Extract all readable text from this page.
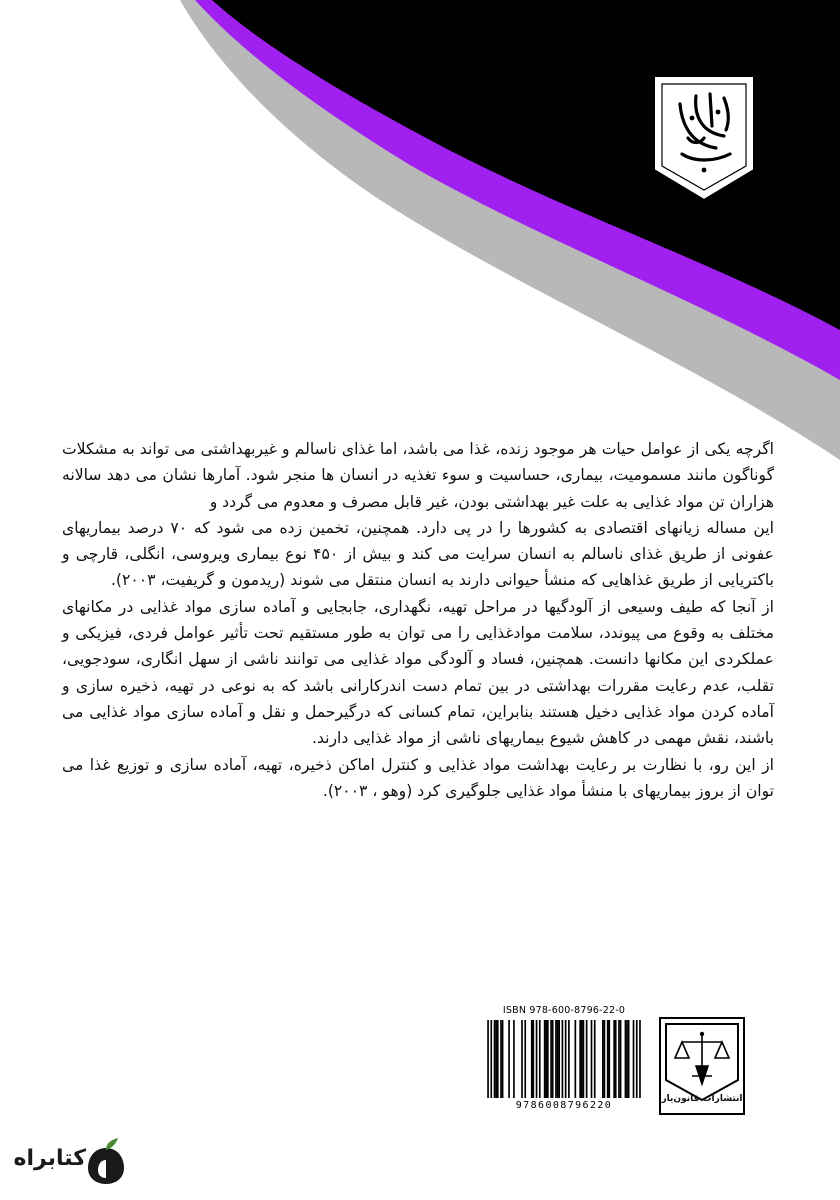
اگرچه یکی از عوامل حیات هر موجود زنده، غذا می باشد، اما غذای ناسالم و غیربهداشتی می تواند به مشکلات گوناگون مانند مسمومیت، بیماری، حساسیت و سوء تغذیه در انسان ها منجر شود. آمارها نشان می دهد سالانه هزاران تن مواد غذایی به علت غیر بهداشتی بودن، غیر قابل مصرف و معدوم می گردد و

این مساله زیانهای اقتصادی به کشورها را در پی دارد. همچنین، تخمین زده می شود که ۷۰ درصد بیماریهای عفونی از طریق غذای ناسالم به انسان سرایت می کند و بیش از ۴۵۰ نوع بیماری ویروسی، انگلی، قارچی و باکتریایی از طریق غذاهایی که منشأ حیوانی دارند به انسان منتقل می شوند (ریدمون و گریفیت، ۲۰۰۳).

از آنجا که طیف وسیعی از آلودگیها در مراحل تهیه، نگهداری، جابجایی و آماده سازی مواد غذایی در مکانهای مختلف به وقوع می پیوندد، سلامت موادغذایی را می توان به طور مستقیم تحت تأثیر عوامل فردی، فیزیکی و عملکردی این مکانها دانست. همچنین، فساد و آلودگی مواد غذایی می توانند ناشی از سهل انگاری، سودجویی، تقلب، عدم رعایت مقررات بهداشتی در بین تمام دست اندرکارانی باشد که به نوعی در تهیه، ذخیره سازی و آماده کردن مواد غذایی دخیل هستند بنابراین، تمام کسانی که درگیرحمل و نقل و آماده سازی مواد غذایی می باشند، نقش مهمی در کاهش شیوع بیماریهای ناشی از مواد غذایی دارند.

از این رو، با نظارت بر رعایت بهداشت مواد غذایی و کنترل اماکن ذخیره، تهیه، آماده سازی و توزیع غذا می توان از بروز بیماریهای با منشأ مواد غذایی جلوگیری کرد (وهو ، ۲۰۰۳).

ISBN 978-600-8796-22-0
9786008796220
انتشارات قانون‌یار
کتابراه
